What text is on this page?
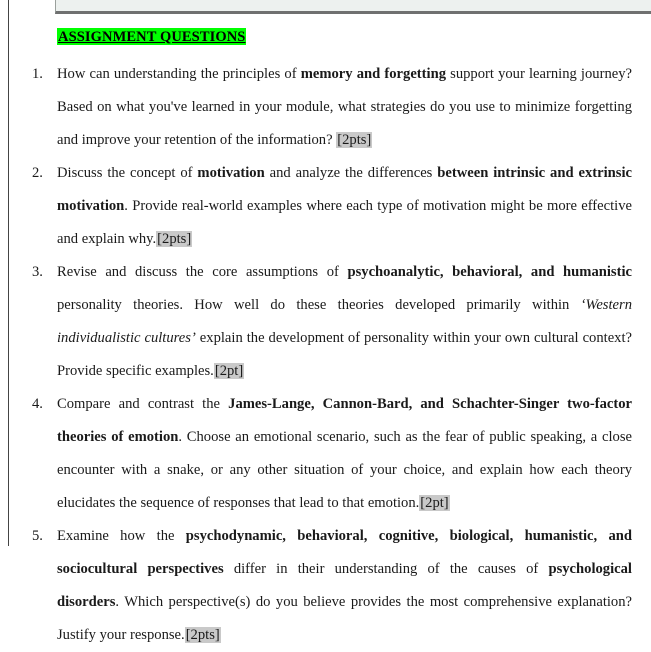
ASSIGNMENT QUESTIONS
1. How can understanding the principles of memory and forgetting support your learning journey? Based on what you've learned in your module, what strategies do you use to minimize forgetting and improve your retention of the information? [2pts]
2. Discuss the concept of motivation and analyze the differences between intrinsic and extrinsic motivation. Provide real-world examples where each type of motivation might be more effective and explain why.[2pts]
3. Revise and discuss the core assumptions of psychoanalytic, behavioral, and humanistic personality theories. How well do these theories developed primarily within ‘Western individualistic cultures’ explain the development of personality within your own cultural context? Provide specific examples.[2pt]
4. Compare and contrast the James-Lange, Cannon-Bard, and Schachter-Singer two-factor theories of emotion. Choose an emotional scenario, such as the fear of public speaking, a close encounter with a snake, or any other situation of your choice, and explain how each theory elucidates the sequence of responses that lead to that emotion.[2pt]
5. Examine how the psychodynamic, behavioral, cognitive, biological, humanistic, and sociocultural perspectives differ in their understanding of the causes of psychological disorders. Which perspective(s) do you believe provides the most comprehensive explanation? Justify your response.[2pts]
